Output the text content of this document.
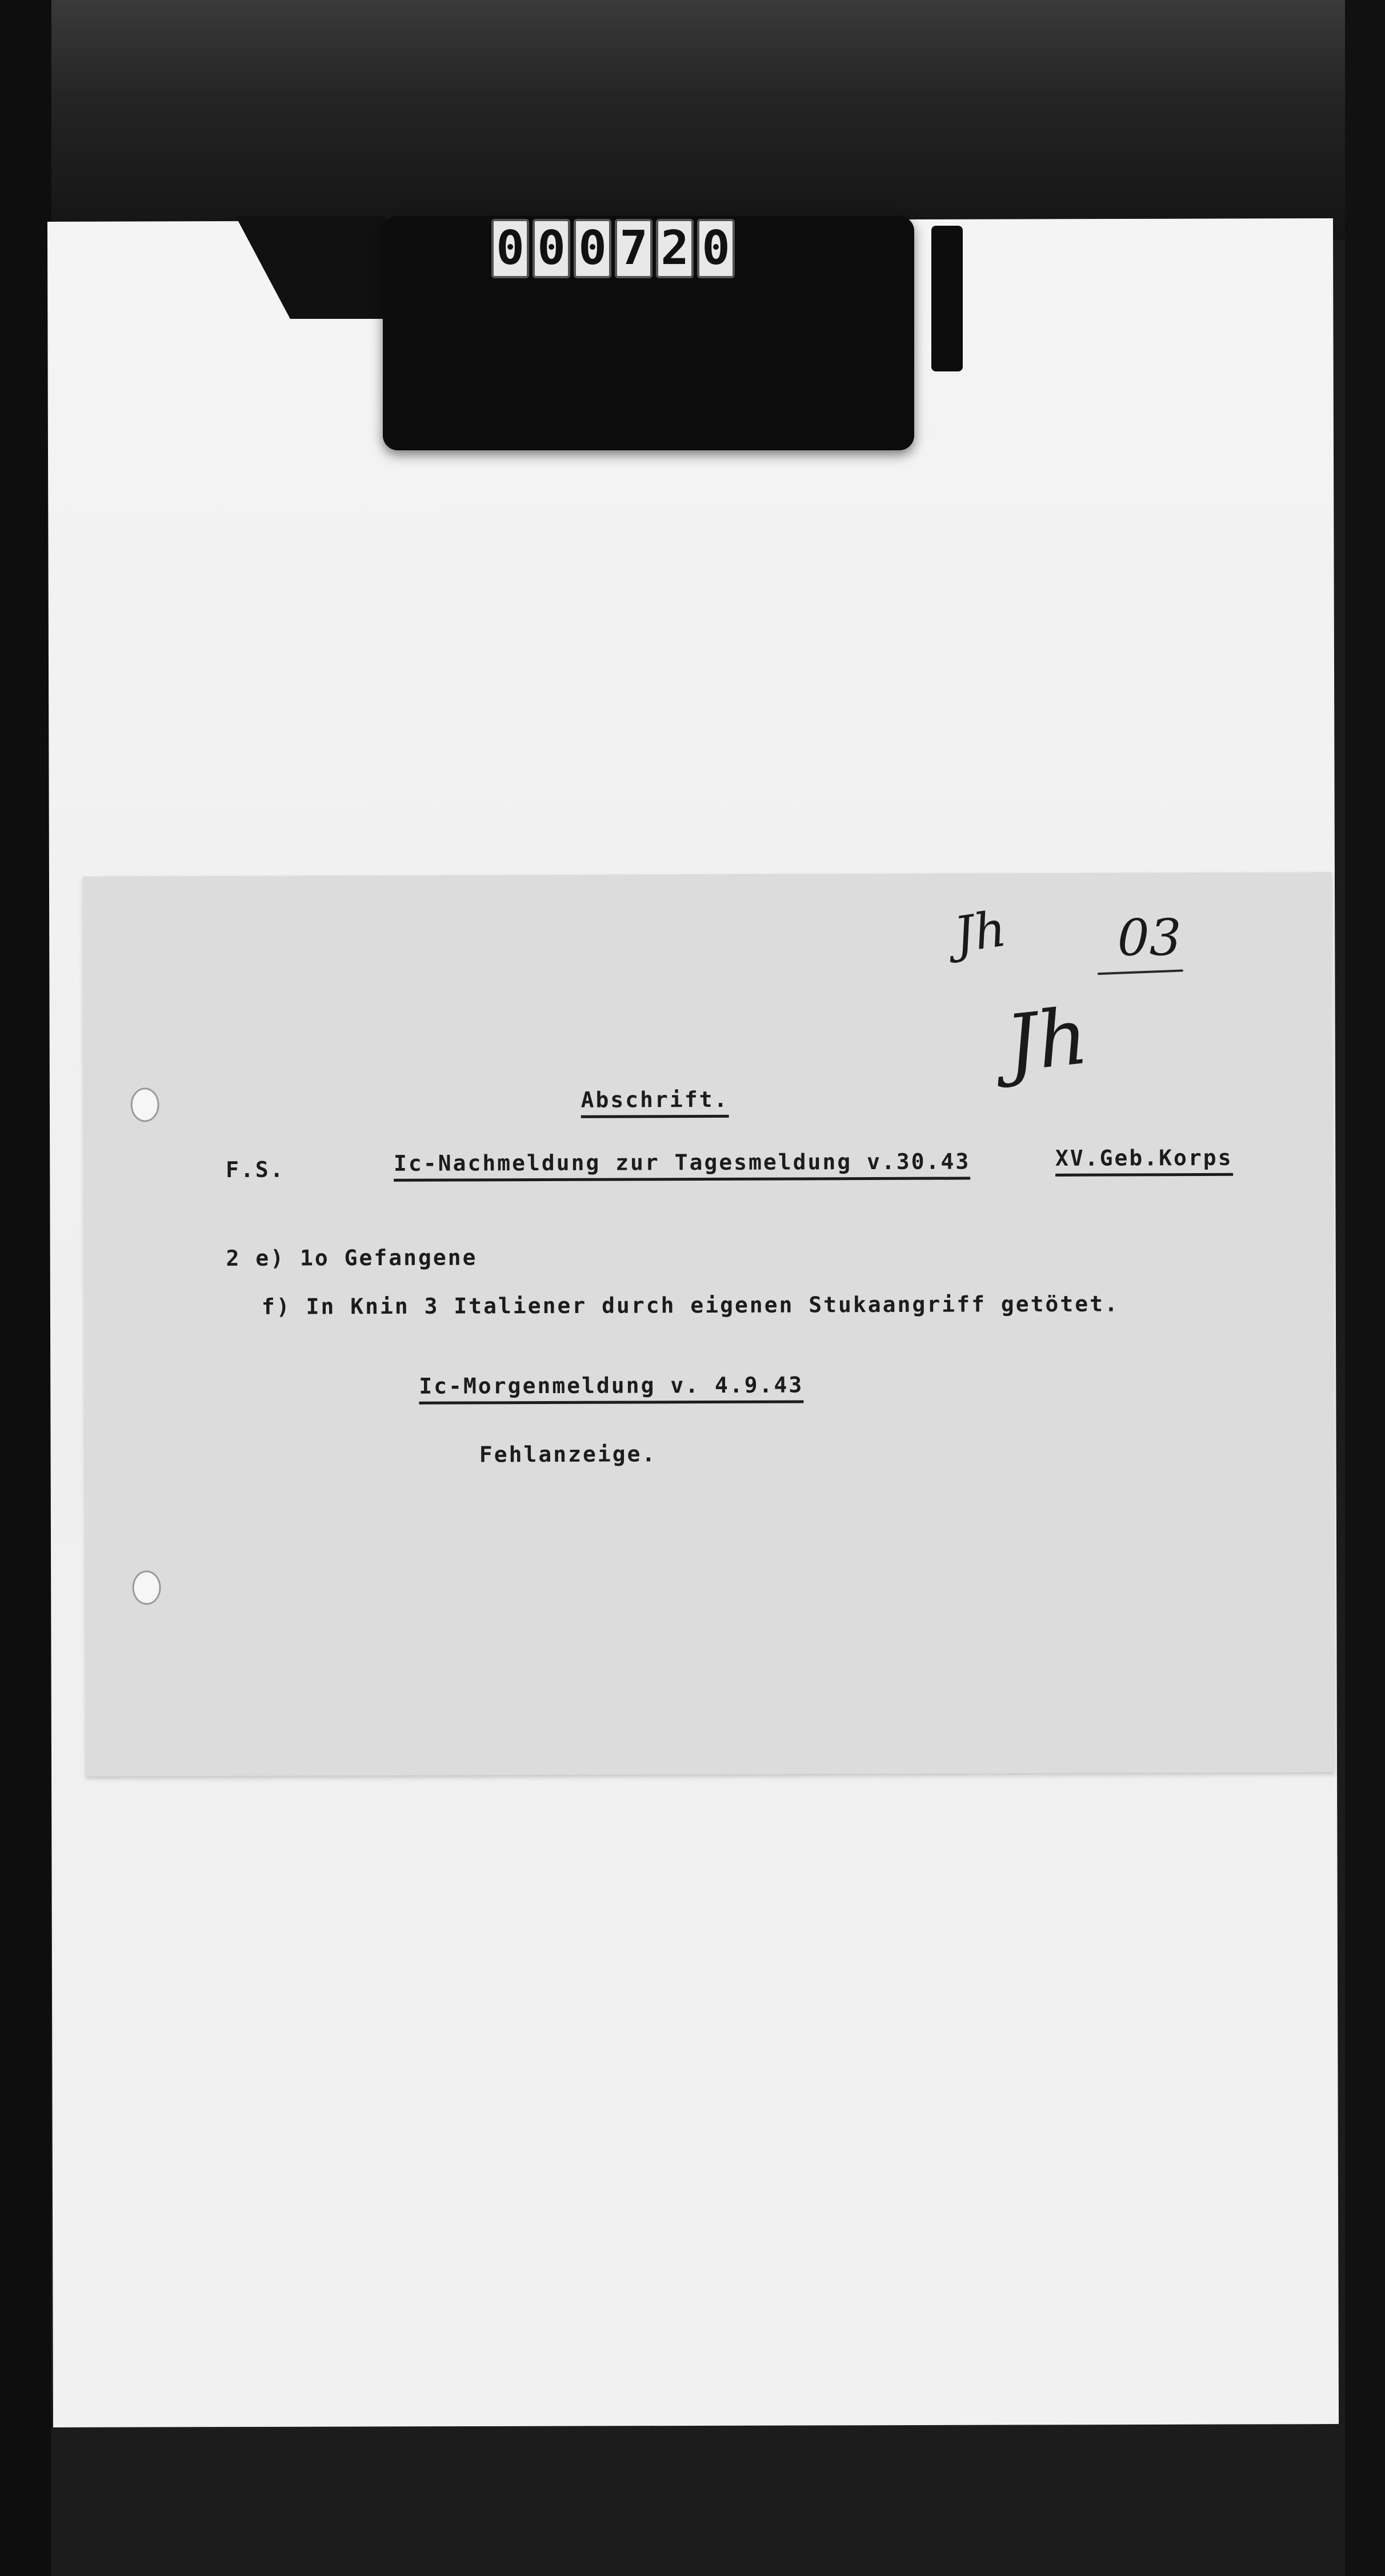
0 0 0 7 2 0
Jh 03
Jh
Abschrift.
F.S.	Ic-Nachmeldung zur Tagesmeldung v.30.43	XV.Geb.Korps
2 e) 1o Gefangene
f) In Knin 3 Italiener durch eigenen Stukaangriff getötet.
Ic-Morgenmeldung v. 4.9.43
Fehlanzeige.
